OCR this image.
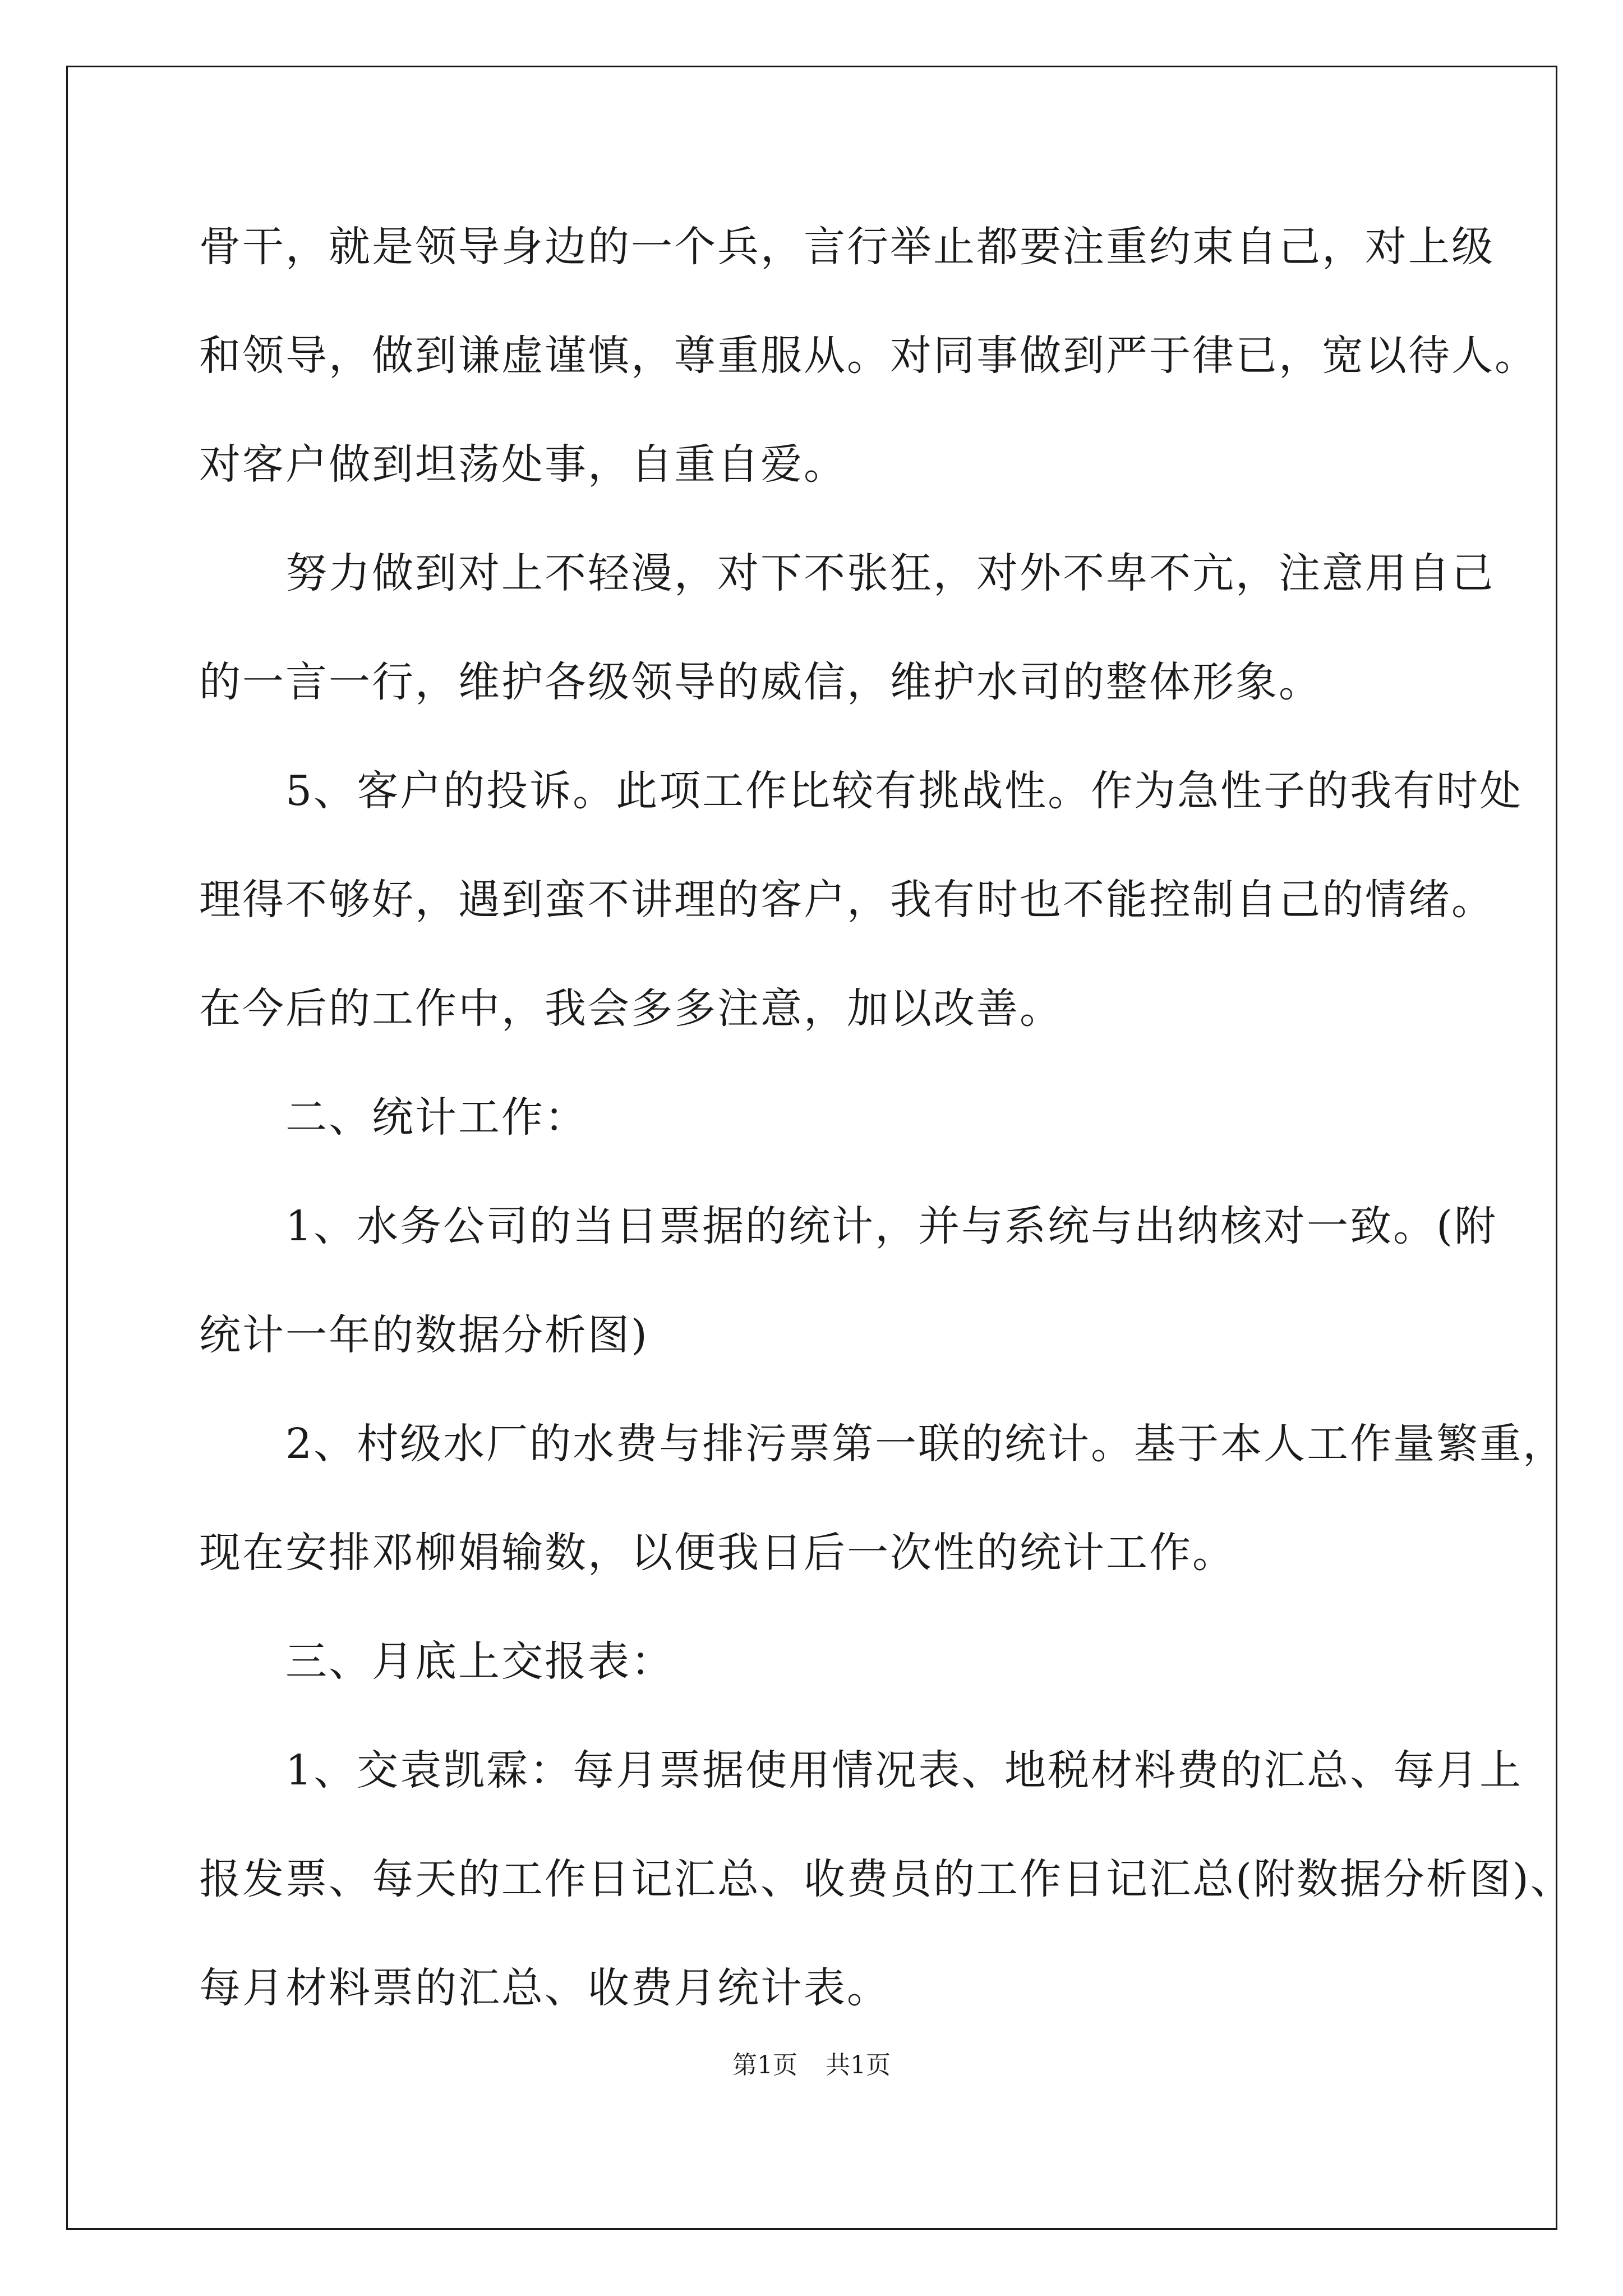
骨干，就是领导身边的一个兵，言行举止都要注重约束自己，对上级
和领导，做到谦虚谨慎，尊重服从。对同事做到严于律已，宽以待人。
对客户做到坦荡处事，自重自爱。
　　努力做到对上不轻漫，对下不张狂，对外不卑不亢，注意用自己
的一言一行，维护各级领导的威信，维护水司的整体形象。
　　5、客户的投诉。此项工作比较有挑战性。作为急性子的我有时处
理得不够好，遇到蛮不讲理的客户，我有时也不能控制自己的情绪。
在今后的工作中，我会多多注意，加以改善。
　　二、统计工作：
　　1、水务公司的当日票据的统计，并与系统与出纳核对一致。(附
统计一年的数据分析图)
　　2、村级水厂的水费与排污票第一联的统计。基于本人工作量繁重，
现在安排邓柳娟输数，以便我日后一次性的统计工作。
　　三、月底上交报表：
　　1、交袁凯霖：每月票据使用情况表、地税材料费的汇总、每月上
报发票、每天的工作日记汇总、收费员的工作日记汇总(附数据分析图)、
每月材料票的汇总、收费月统计表。
第1页 共1页
